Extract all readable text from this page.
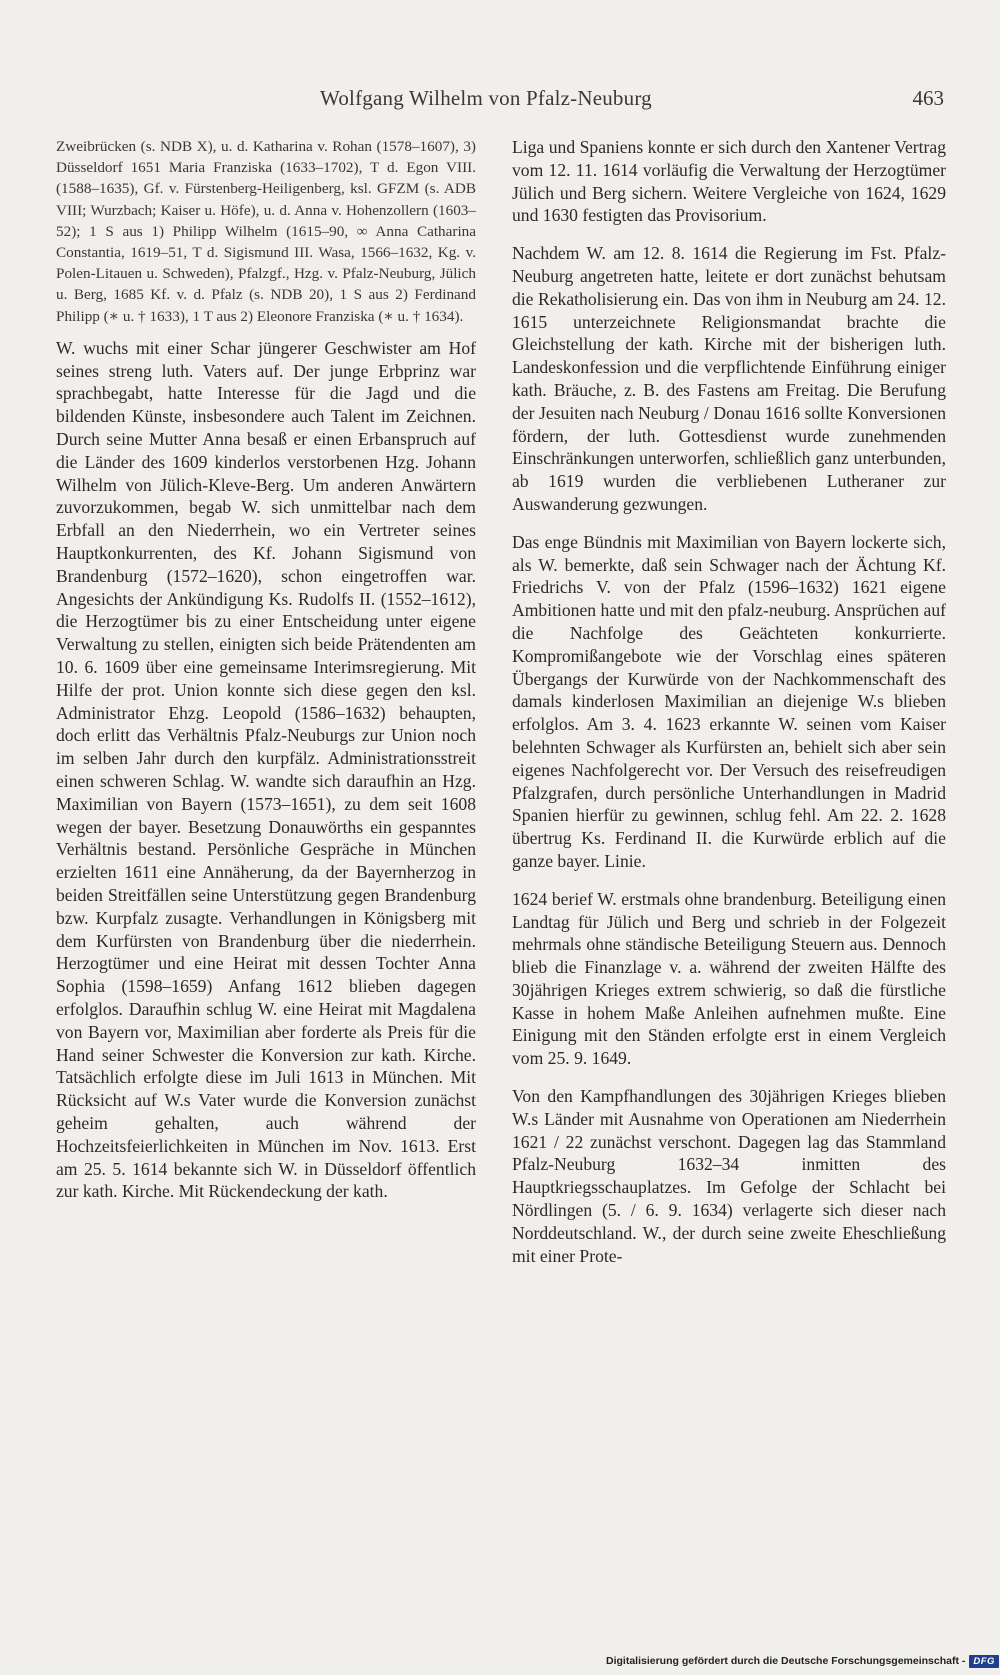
Wolfgang Wilhelm von Pfalz-Neuburg	463

Zweibrücken (s. NDB X), u. d. Katharina v. Rohan (1578–1607), 3) Düsseldorf 1651 Maria Franziska (1633–1702), T d. Egon VIII. (1588–1635), Gf. v. Fürstenberg-Heiligenberg, ksl. GFZM (s. ADB VIII; Wurzbach; Kaiser u. Höfe), u. d. Anna v. Hohenzollern (1603–52); 1 S aus 1) Philipp Wilhelm (1615–90, ∞ Anna Catharina Constantia, 1619–51, T d. Sigismund III. Wasa, 1566–1632, Kg. v. Polen-Litauen u. Schweden), Pfalzgf., Hzg. v. Pfalz-Neuburg, Jülich u. Berg, 1685 Kf. v. d. Pfalz (s. NDB 20), 1 S aus 2) Ferdinand Philipp (∗ u. † 1633), 1 T aus 2) Eleonore Franziska (∗ u. † 1634).

W. wuchs mit einer Schar jüngerer Geschwister am Hof seines streng luth. Vaters auf. Der junge Erbprinz war sprachbegabt, hatte Interesse für die Jagd und die bildenden Künste, insbesondere auch Talent im Zeichnen. Durch seine Mutter Anna besaß er einen Erbanspruch auf die Länder des 1609 kinderlos verstorbenen Hzg. Johann Wilhelm von Jülich-Kleve-Berg. Um anderen Anwärtern zuvorzukommen, begab W. sich unmittelbar nach dem Erbfall an den Niederrhein, wo ein Vertreter seines Hauptkonkurrenten, des Kf. Johann Sigismund von Brandenburg (1572–1620), schon eingetroffen war. Angesichts der Ankündigung Ks. Rudolfs II. (1552–1612), die Herzogtümer bis zu einer Entscheidung unter eigene Verwaltung zu stellen, einigten sich beide Prätendenten am 10. 6. 1609 über eine gemeinsame Interimsregierung. Mit Hilfe der prot. Union konnte sich diese gegen den ksl. Administrator Ehzg. Leopold (1586–1632) behaupten, doch erlitt das Verhältnis Pfalz-Neuburgs zur Union noch im selben Jahr durch den kurpfälz. Administrationsstreit einen schweren Schlag. W. wandte sich daraufhin an Hzg. Maximilian von Bayern (1573–1651), zu dem seit 1608 wegen der bayer. Besetzung Donauwörths ein gespanntes Verhältnis bestand. Persönliche Gespräche in München erzielten 1611 eine Annäherung, da der Bayernherzog in beiden Streitfällen seine Unterstützung gegen Brandenburg bzw. Kurpfalz zusagte. Verhandlungen in Königsberg mit dem Kurfürsten von Brandenburg über die niederrhein. Herzogtümer und eine Heirat mit dessen Tochter Anna Sophia (1598–1659) Anfang 1612 blieben dagegen erfolglos. Daraufhin schlug W. eine Heirat mit Magdalena von Bayern vor, Maximilian aber forderte als Preis für die Hand seiner Schwester die Konversion zur kath. Kirche. Tatsächlich erfolgte diese im Juli 1613 in München. Mit Rücksicht auf W.s Vater wurde die Konversion zunächst geheim gehalten, auch während der Hochzeitsfeierlichkeiten in München im Nov. 1613. Erst am 25. 5. 1614 bekannte sich W. in Düsseldorf öffentlich zur kath. Kirche. Mit Rückendeckung der kath.

Liga und Spaniens konnte er sich durch den Xantener Vertrag vom 12. 11. 1614 vorläufig die Verwaltung der Herzogtümer Jülich und Berg sichern. Weitere Vergleiche von 1624, 1629 und 1630 festigten das Provisorium.

Nachdem W. am 12. 8. 1614 die Regierung im Fst. Pfalz-Neuburg angetreten hatte, leitete er dort zunächst behutsam die Rekatholisierung ein. Das von ihm in Neuburg am 24. 12. 1615 unterzeichnete Religionsmandat brachte die Gleichstellung der kath. Kirche mit der bisherigen luth. Landeskonfession und die verpflichtende Einführung einiger kath. Bräuche, z. B. des Fastens am Freitag. Die Berufung der Jesuiten nach Neuburg / Donau 1616 sollte Konversionen fördern, der luth. Gottesdienst wurde zunehmenden Einschränkungen unterworfen, schließlich ganz unterbunden, ab 1619 wurden die verbliebenen Lutheraner zur Auswanderung gezwungen.

Das enge Bündnis mit Maximilian von Bayern lockerte sich, als W. bemerkte, daß sein Schwager nach der Ächtung Kf. Friedrichs V. von der Pfalz (1596–1632) 1621 eigene Ambitionen hatte und mit den pfalz-neuburg. Ansprüchen auf die Nachfolge des Geächteten konkurrierte. Kompromißangebote wie der Vorschlag eines späteren Übergangs der Kurwürde von der Nachkommenschaft des damals kinderlosen Maximilian an diejenige W.s blieben erfolglos. Am 3. 4. 1623 erkannte W. seinen vom Kaiser belehnten Schwager als Kurfürsten an, behielt sich aber sein eigenes Nachfolgerecht vor. Der Versuch des reisefreudigen Pfalzgrafen, durch persönliche Unterhandlungen in Madrid Spanien hierfür zu gewinnen, schlug fehl. Am 22. 2. 1628 übertrug Ks. Ferdinand II. die Kurwürde erblich auf die ganze bayer. Linie.

1624 berief W. erstmals ohne brandenburg. Beteiligung einen Landtag für Jülich und Berg und schrieb in der Folgezeit mehrmals ohne ständische Beteiligung Steuern aus. Dennoch blieb die Finanzlage v. a. während der zweiten Hälfte des 30jährigen Krieges extrem schwierig, so daß die fürstliche Kasse in hohem Maße Anleihen aufnehmen mußte. Eine Einigung mit den Ständen erfolgte erst in einem Vergleich vom 25. 9. 1649.

Von den Kampfhandlungen des 30jährigen Krieges blieben W.s Länder mit Ausnahme von Operationen am Niederrhein 1621 / 22 zunächst verschont. Dagegen lag das Stammland Pfalz-Neuburg 1632–34 inmitten des Hauptkriegsschauplatzes. Im Gefolge der Schlacht bei Nördlingen (5. / 6. 9. 1634) verlagerte sich dieser nach Norddeutschland. W., der durch seine zweite Eheschließung mit einer Prote-

Digitalisierung gefördert durch die Deutsche Forschungsgemeinschaft - DFG
